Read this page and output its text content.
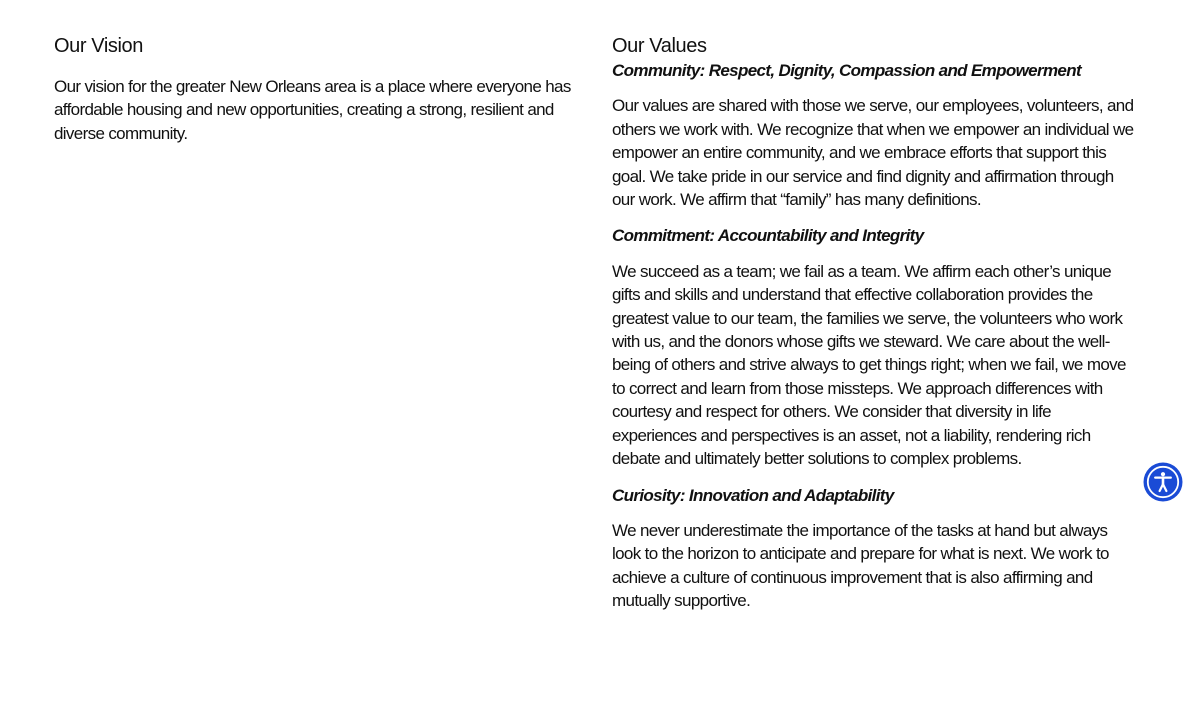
Our Vision

Our vision for the greater New Orleans area is a place where everyone has affordable housing and new opportunities, creating a strong, resilient and diverse community.

Our Values

Community: Respect, Dignity, Compassion and Empowerment

Our values are shared with those we serve, our employees, volunteers, and others we work with. We recognize that when we empower an individual we empower an entire community, and we embrace efforts that support this goal. We take pride in our service and find dignity and affirmation through our work. We affirm that “family” has many definitions.

Commitment: Accountability and Integrity

We succeed as a team; we fail as a team. We affirm each other’s unique gifts and skills and understand that effective collaboration provides the greatest value to our team, the families we serve, the volunteers who work with us, and the donors whose gifts we steward. We care about the well-being of others and strive always to get things right; when we fail, we move to correct and learn from those missteps. We approach differences with courtesy and respect for others. We consider that diversity in life experiences and perspectives is an asset, not a liability, rendering rich debate and ultimately better solutions to complex problems.

Curiosity: Innovation and Adaptability

We never underestimate the importance of the tasks at hand but always look to the horizon to anticipate and prepare for what is next. We work to achieve a culture of continuous improvement that is also affirming and mutually supportive.
